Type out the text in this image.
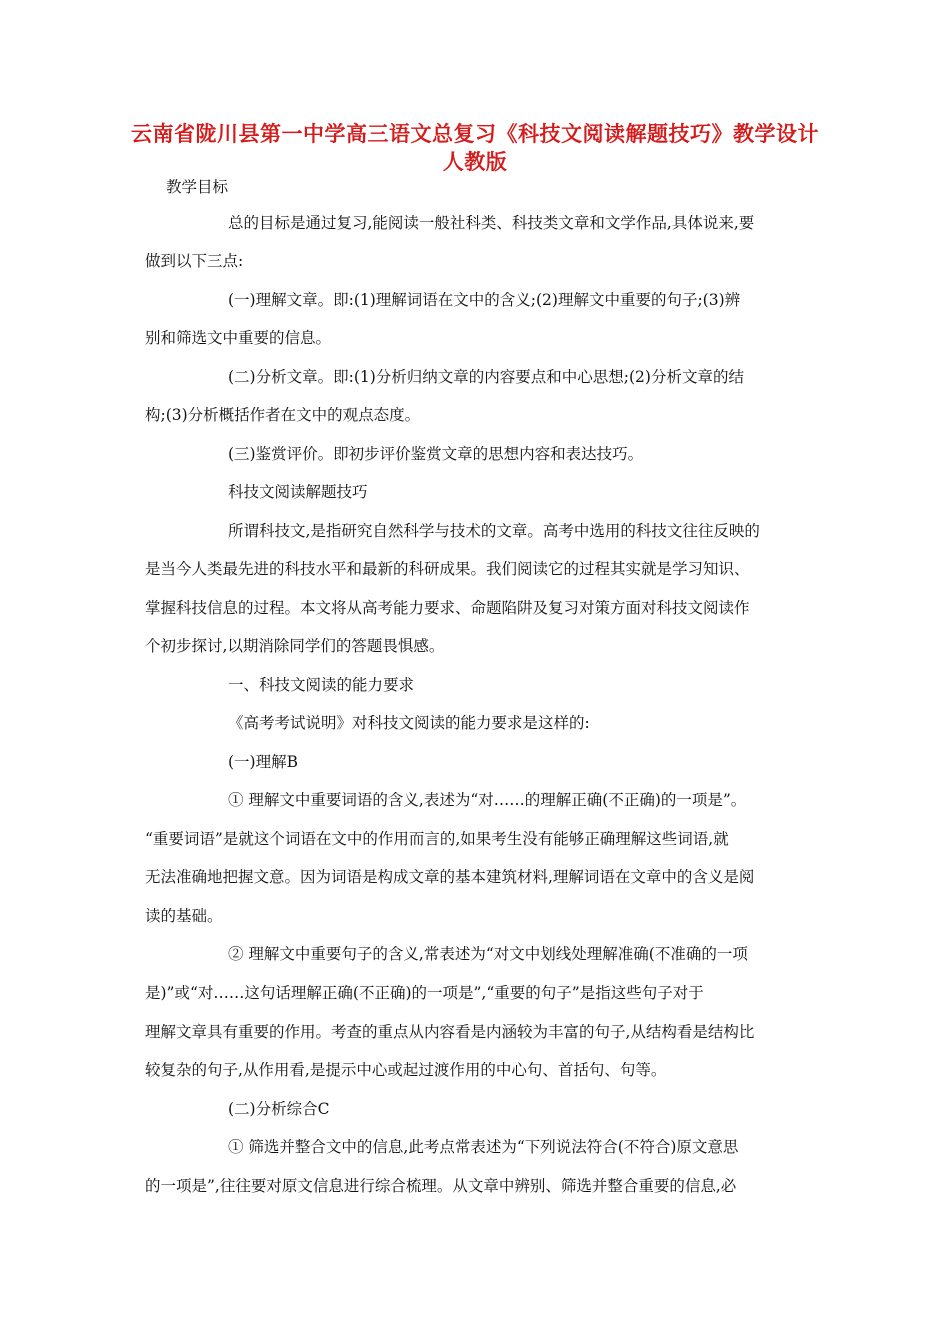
云南省陇川县第一中学高三语文总复习《科技文阅读解题技巧》教学设计 人教版
教学目标
总的目标是通过复习,能阅读一般社科类、科技类文章和文学作品,具体说来,要
做到以下三点:
(一)理解文章。即:(1)理解词语在文中的含义;(2)理解文中重要的句子;(3)辨
别和筛选文中重要的信息。
(二)分析文章。即:(1)分析归纳文章的内容要点和中心思想;(2)分析文章的结
构;(3)分析概括作者在文中的观点态度。
(三)鉴赏评价。即初步评价鉴赏文章的思想内容和表达技巧。
科技文阅读解题技巧
所谓科技文,是指研究自然科学与技术的文章。高考中选用的科技文往往反映的
是当今人类最先进的科技水平和最新的科研成果。我们阅读它的过程其实就是学习知识、
掌握科技信息的过程。本文将从高考能力要求、命题陷阱及复习对策方面对科技文阅读作
个初步探讨,以期消除同学们的答题畏惧感。
一、科技文阅读的能力要求
《高考考试说明》对科技文阅读的能力要求是这样的:
(一)理解B
① 理解文中重要词语的含义,表述为“对……的理解正确(不正确)的一项是”。
“重要词语”是就这个词语在文中的作用而言的,如果考生没有能够正确理解这些词语,就
无法准确地把握文意。因为词语是构成文章的基本建筑材料,理解词语在文章中的含义是阅
读的基础。
② 理解文中重要句子的含义,常表述为“对文中划线处理解准确(不准确的一项
是)”或“对……这句话理解正确(不正确)的一项是”,“重要的句子”是指这些句子对于
理解文章具有重要的作用。考查的重点从内容看是内涵较为丰富的句子,从结构看是结构比
较复杂的句子,从作用看,是提示中心或起过渡作用的中心句、首括句、句等。
(二)分析综合C
① 筛选并整合文中的信息,此考点常表述为“下列说法符合(不符合)原文意思
的一项是”,往往要对原文信息进行综合梳理。从文章中辨别、筛选并整合重要的信息,必
